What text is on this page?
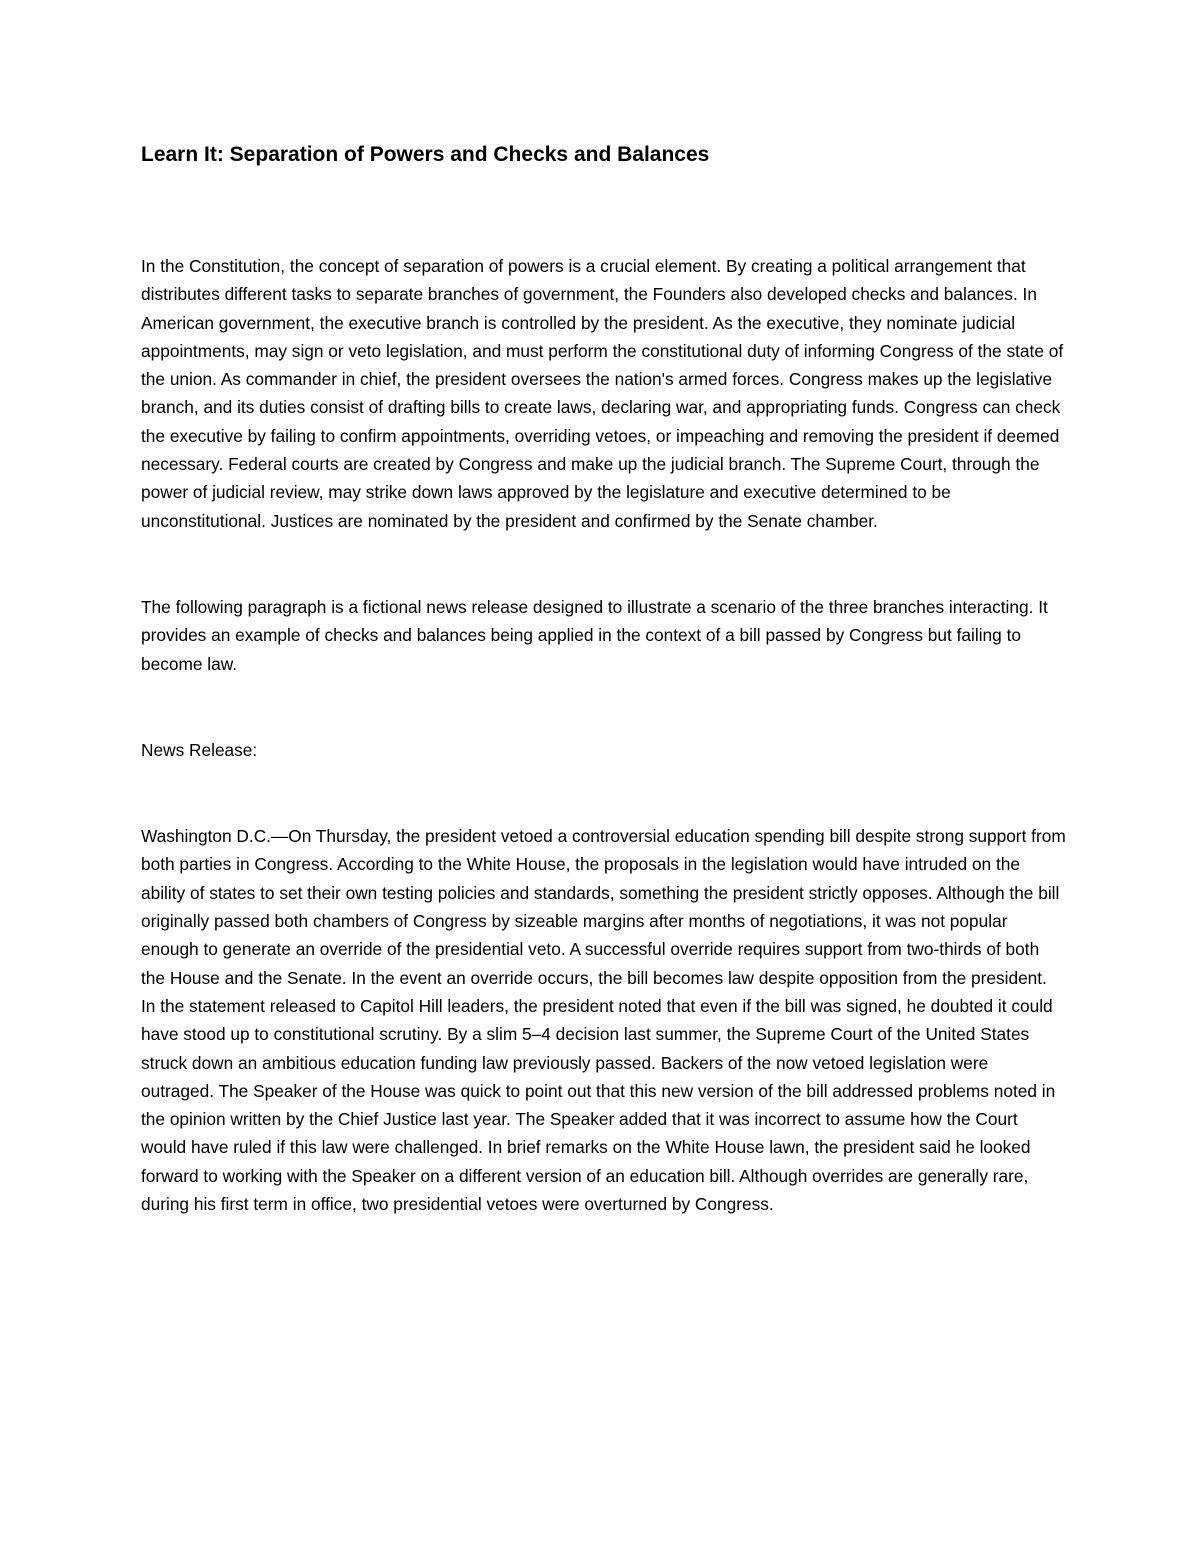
Learn It: Separation of Powers and Checks and Balances

In the Constitution, the concept of separation of powers is a crucial element. By creating a political arrangement that distributes different tasks to separate branches of government, the Founders also developed checks and balances. In American government, the executive branch is controlled by the president. As the executive, they nominate judicial appointments, may sign or veto legislation, and must perform the constitutional duty of informing Congress of the state of the union. As commander in chief, the president oversees the nation's armed forces. Congress makes up the legislative branch, and its duties consist of drafting bills to create laws, declaring war, and appropriating funds. Congress can check the executive by failing to confirm appointments, overriding vetoes, or impeaching and removing the president if deemed necessary. Federal courts are created by Congress and make up the judicial branch. The Supreme Court, through the power of judicial review, may strike down laws approved by the legislature and executive determined to be unconstitutional. Justices are nominated by the president and confirmed by the Senate chamber.

The following paragraph is a fictional news release designed to illustrate a scenario of the three branches interacting. It provides an example of checks and balances being applied in the context of a bill passed by Congress but failing to become law.

News Release:

Washington D.C.—On Thursday, the president vetoed a controversial education spending bill despite strong support from both parties in Congress. According to the White House, the proposals in the legislation would have intruded on the ability of states to set their own testing policies and standards, something the president strictly opposes. Although the bill originally passed both chambers of Congress by sizeable margins after months of negotiations, it was not popular enough to generate an override of the presidential veto. A successful override requires support from two-thirds of both the House and the Senate. In the event an override occurs, the bill becomes law despite opposition from the president. In the statement released to Capitol Hill leaders, the president noted that even if the bill was signed, he doubted it could have stood up to constitutional scrutiny. By a slim 5–4 decision last summer, the Supreme Court of the United States struck down an ambitious education funding law previously passed. Backers of the now vetoed legislation were outraged. The Speaker of the House was quick to point out that this new version of the bill addressed problems noted in the opinion written by the Chief Justice last year. The Speaker added that it was incorrect to assume how the Court would have ruled if this law were challenged. In brief remarks on the White House lawn, the president said he looked forward to working with the Speaker on a different version of an education bill. Although overrides are generally rare, during his first term in office, two presidential vetoes were overturned by Congress.
